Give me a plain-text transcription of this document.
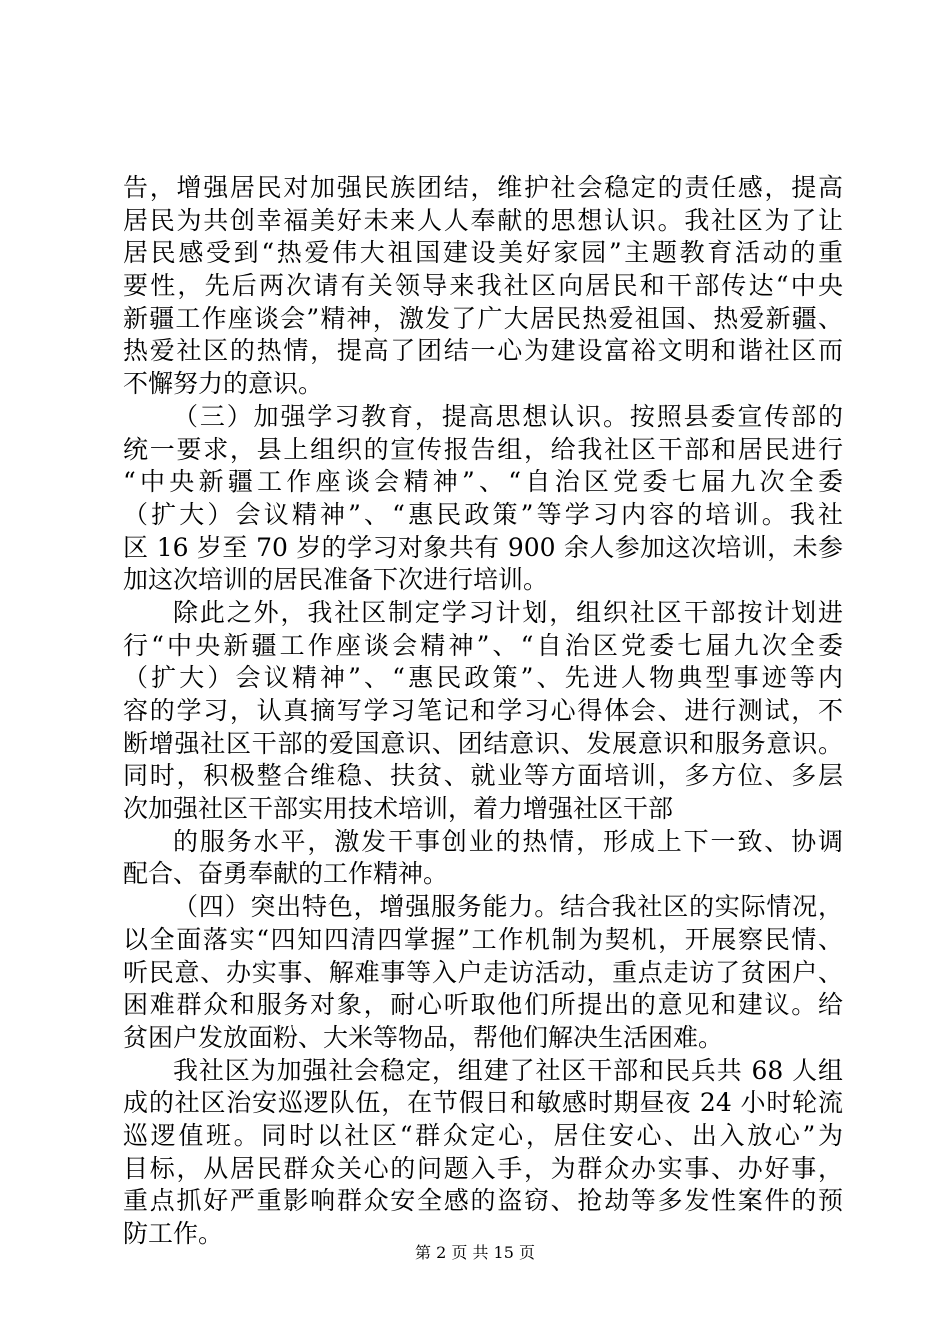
告，增强居民对加强民族团结，维护社会稳定的责任感，提高
居民为共创幸福美好未来人人奉献的思想认识。我社区为了让
居民感受到“热爱伟大祖国建设美好家园”主题教育活动的重
要性，先后两次请有关领导来我社区向居民和干部传达“中央
新疆工作座谈会”精神，激发了广大居民热爱祖国、热爱新疆、
热爱社区的热情，提高了团结一心为建设富裕文明和谐社区而
不懈努力的意识。
（三）加强学习教育，提高思想认识。按照县委宣传部的
统一要求，县上组织的宣传报告组，给我社区干部和居民进行
“中央新疆工作座谈会精神”、“自治区党委七届九次全委
（扩大）会议精神”、“惠民政策”等学习内容的培训。我社
区 16 岁至 70 岁的学习对象共有 900 余人参加这次培训，未参
加这次培训的居民准备下次进行培训。
除此之外，我社区制定学习计划，组织社区干部按计划进
行“中央新疆工作座谈会精神”、“自治区党委七届九次全委
（扩大）会议精神”、“惠民政策”、先进人物典型事迹等内
容的学习，认真摘写学习笔记和学习心得体会、进行测试，不
断增强社区干部的爱国意识、团结意识、发展意识和服务意识。
同时，积极整合维稳、扶贫、就业等方面培训，多方位、多层
次加强社区干部实用技术培训，着力增强社区干部
的服务水平，激发干事创业的热情，形成上下一致、协调
配合、奋勇奉献的工作精神。
（四）突出特色，增强服务能力。结合我社区的实际情况，
以全面落实“四知四清四掌握”工作机制为契机，开展察民情、
听民意、办实事、解难事等入户走访活动，重点走访了贫困户、
困难群众和服务对象，耐心听取他们所提出的意见和建议。给
贫困户发放面粉、大米等物品，帮他们解决生活困难。
我社区为加强社会稳定，组建了社区干部和民兵共 68 人组
成的社区治安巡逻队伍，在节假日和敏感时期昼夜 24 小时轮流
巡逻值班。同时以社区“群众定心，居住安心、出入放心”为
目标，从居民群众关心的问题入手，为群众办实事、办好事，
重点抓好严重影响群众安全感的盗窃、抢劫等多发性案件的预
防工作。
第 2 页 共 15 页
